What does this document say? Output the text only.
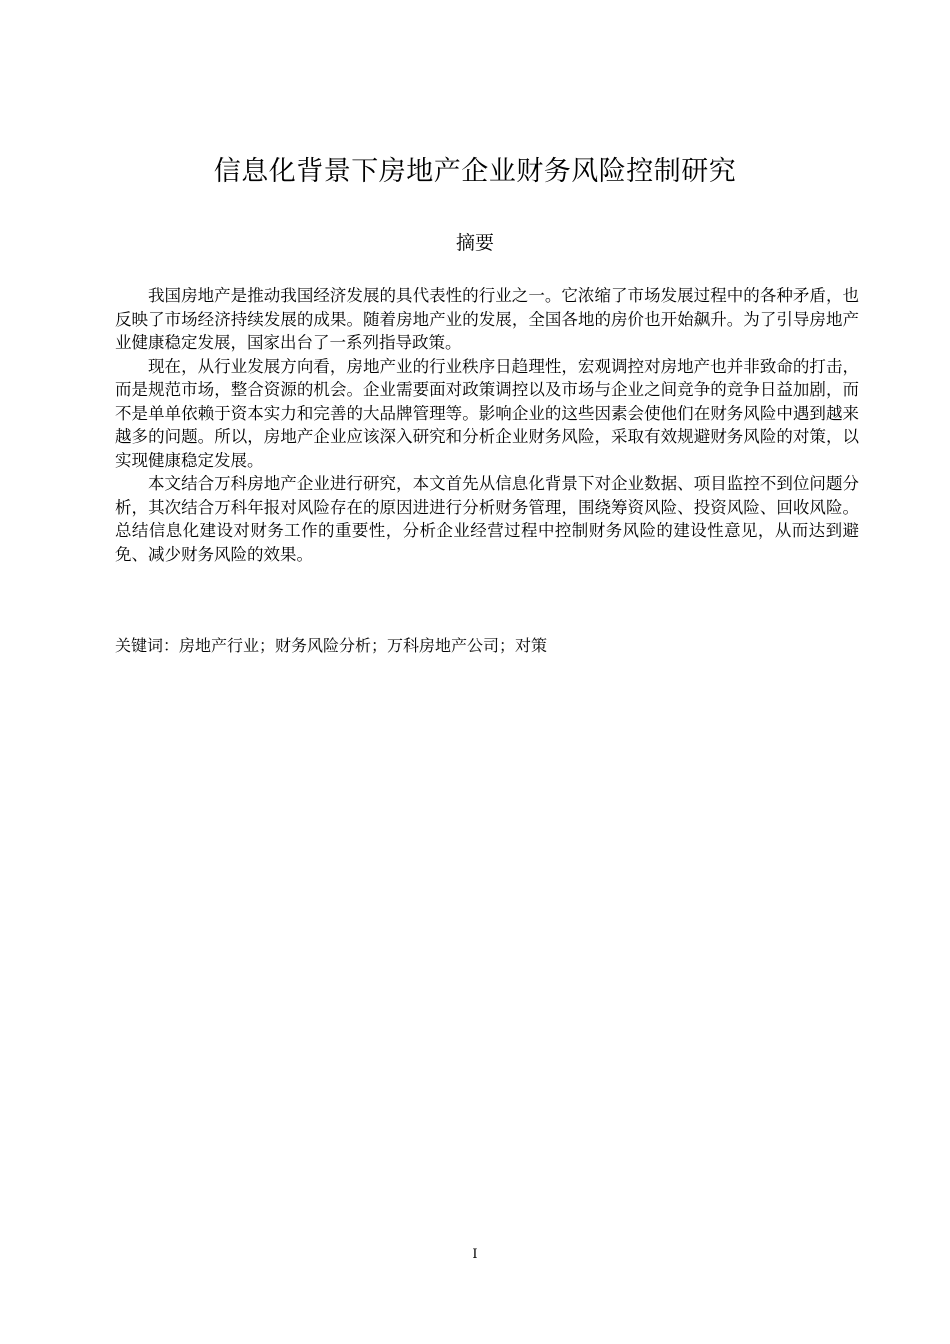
信息化背景下房地产企业财务风险控制研究
摘要

我国房地产是推动我国经济发展的具代表性的行业之一。它浓缩了市场发展过程中的各种矛盾，也反映了市场经济持续发展的成果。随着房地产业的发展，全国各地的房价也开始飙升。为了引导房地产业健康稳定发展，国家出台了一系列指导政策。

现在，从行业发展方向看，房地产业的行业秩序日趋理性，宏观调控对房地产也并非致命的打击，而是规范市场，整合资源的机会。企业需要面对政策调控以及市场与企业之间竞争的竞争日益加剧，而不是单单依赖于资本实力和完善的大品牌管理等。影响企业的这些因素会使他们在财务风险中遇到越来越多的问题。所以，房地产企业应该深入研究和分析企业财务风险，采取有效规避财务风险的对策，以实现健康稳定发展。

本文结合万科房地产企业进行研究，本文首先从信息化背景下对企业数据、项目监控不到位问题分析，其次结合万科年报对风险存在的原因进进行分析财务管理，围绕筹资风险、投资风险、回收风险。总结信息化建设对财务工作的重要性，分析企业经营过程中控制财务风险的建设性意见，从而达到避免、减少财务风险的效果。

关键词：房地产行业；财务风险分析；万科房地产公司；对策
I
